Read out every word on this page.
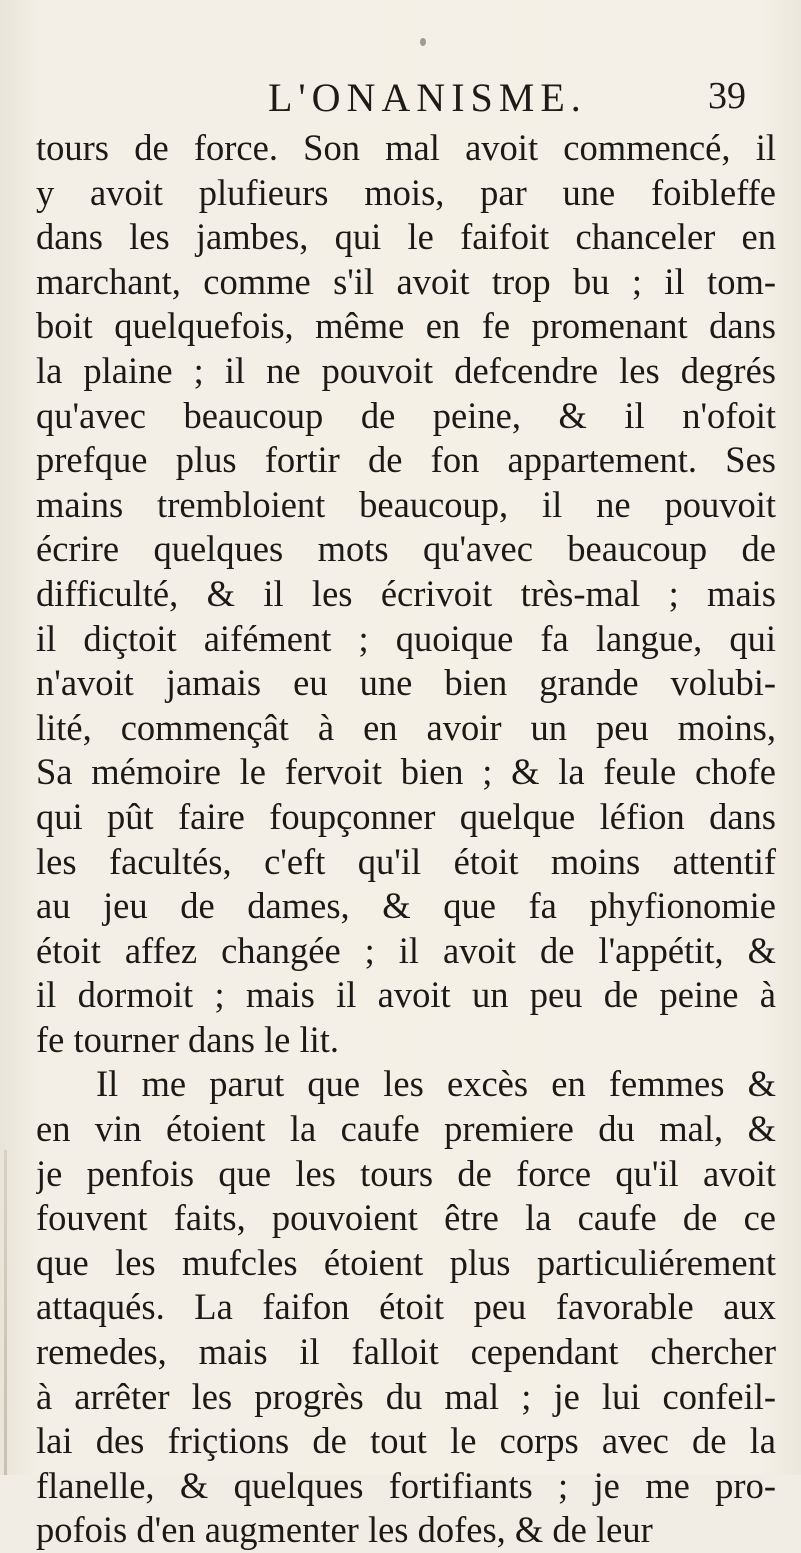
L'ONANISME.	39
tours de force. Son mal avoit commencé, il
y avoit plufieurs mois, par une foibleffe
dans les jambes, qui le faifoit chanceler en
marchant, comme s'il avoit trop bu ; il tom-
boit quelquefois, même en fe promenant dans
la plaine ; il ne pouvoit defcendre les degrés
qu'avec beaucoup de peine, & il n'ofoit
prefque plus fortir de fon appartement. Ses
mains trembloient beaucoup, il ne pouvoit
écrire quelques mots qu'avec beaucoup de
difficulté, & il les écrivoit très-mal ; mais
il diçtoit aifément ; quoique fa langue, qui
n'avoit jamais eu une bien grande volubi-
lité, commençât à en avoir un peu moins,
Sa mémoire le fervoit bien ; & la feule chofe
qui pût faire foupçonner quelque léfion dans
les facultés, c'eft qu'il étoit moins attentif
au jeu de dames, & que fa phyfionomie
étoit affez changée ; il avoit de l'appétit, &
il dormoit ; mais il avoit un peu de peine à
fe tourner dans le lit.
Il me parut que les excès en femmes &
en vin étoient la caufe premiere du mal, &
je penfois que les tours de force qu'il avoit
fouvent faits, pouvoient être la caufe de ce
que les mufcles étoient plus particuliérement
attaqués. La faifon étoit peu favorable aux
remedes, mais il falloit cependant chercher
à arrêter les progrès du mal ; je lui confeil-
lai des friçtions de tout le corps avec de la
flanelle, & quelques fortifiants ; je me pro-
pofois d'en augmenter les dofes, & de leur
